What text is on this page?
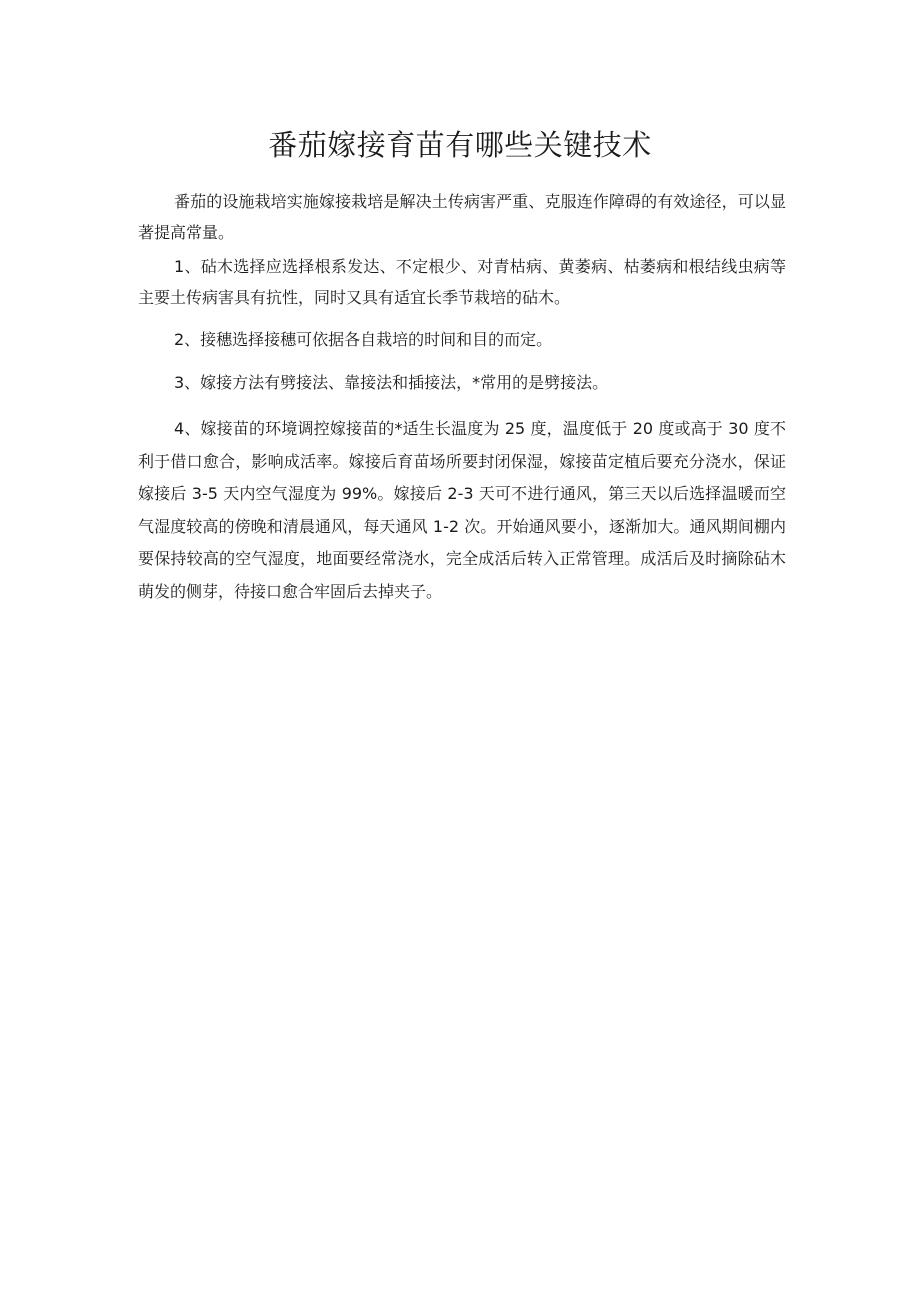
番茄嫁接育苗有哪些关键技术

番茄的设施栽培实施嫁接栽培是解决土传病害严重、克服连作障碍的有效途径，可以显著提高常量。

1、砧木选择应选择根系发达、不定根少、对青枯病、黄萎病、枯萎病和根结线虫病等主要土传病害具有抗性，同时又具有适宜长季节栽培的砧木。

2、接穗选择接穗可依据各自栽培的时间和目的而定。

3、嫁接方法有劈接法、靠接法和插接法，*常用的是劈接法。

4、嫁接苗的环境调控嫁接苗的*适生长温度为 25 度，温度低于 20 度或高于 30 度不利于借口愈合，影响成活率。嫁接后育苗场所要封闭保湿，嫁接苗定植后要充分浇水，保证嫁接后 3-5 天内空气湿度为 99%。嫁接后 2-3 天可不进行通风，第三天以后选择温暖而空气湿度较高的傍晚和清晨通风，每天通风 1-2 次。开始通风要小，逐渐加大。通风期间棚内要保持较高的空气湿度，地面要经常浇水，完全成活后转入正常管理。成活后及时摘除砧木萌发的侧芽，待接口愈合牢固后去掉夹子。
